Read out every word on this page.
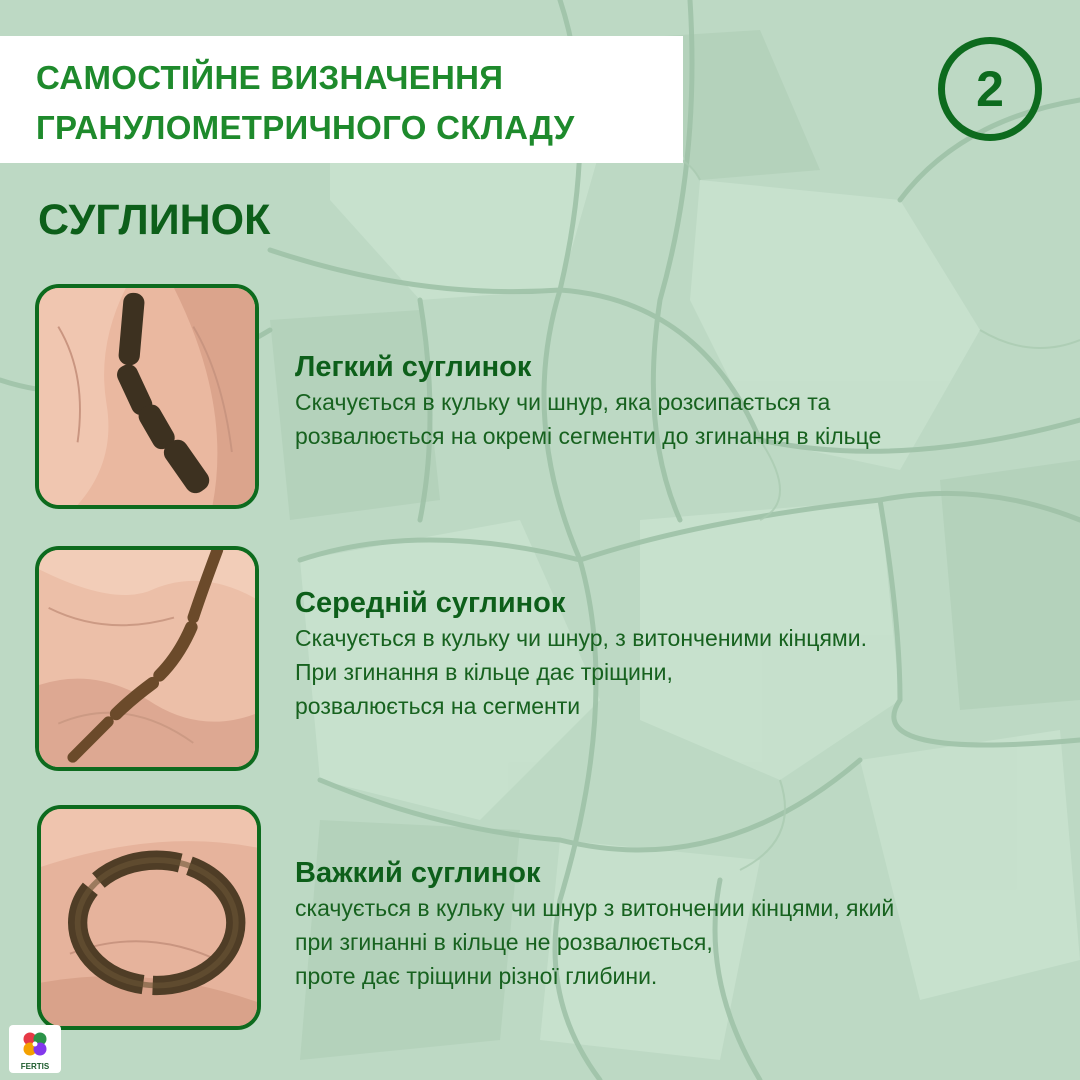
САМОСТІЙНЕ ВИЗНАЧЕННЯ
ГРАНУЛОМЕТРИЧНОГО СКЛАДУ
2
СУГЛИНОК
Легкий суглинок
Скачується в кульку чи шнур, яка розсипається та
розвалюється на окремі сегменти до згинання в кільце
Середній суглинок
Скачується в кульку чи шнур, з витонченими кінцями.
При згинання в кільце дає тріщини,
розвалюється на сегменти
Важкий суглинок
скачується в кульку чи шнур з витончении кінцями, який
при згинанні в кільце не розвалюється,
проте дає тріщини різної глибини.
FERTIS
